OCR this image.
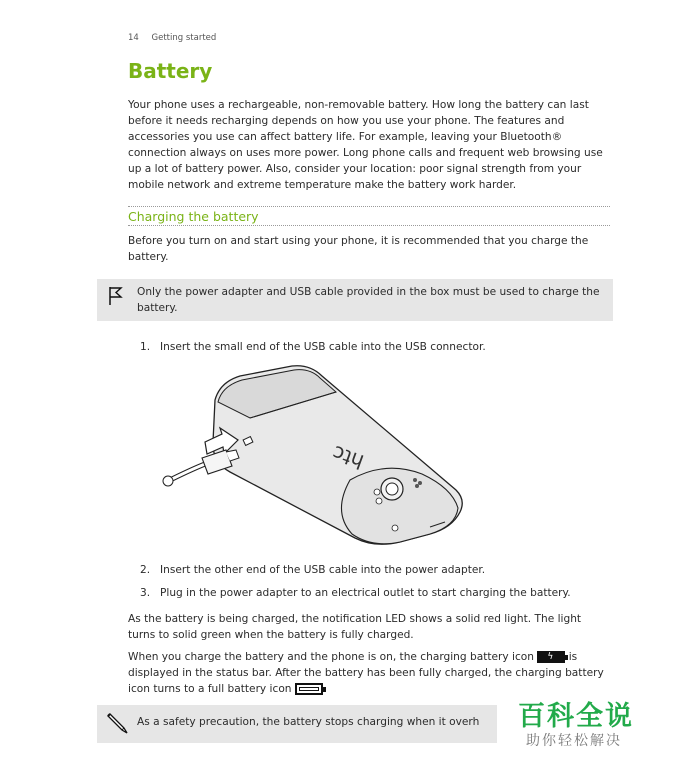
14 Getting started
Battery

Your phone uses a rechargeable, non-removable battery. How long the battery can last before it needs recharging depends on how you use your phone. The features and accessories you use can affect battery life. For example, leaving your Bluetooth® connection always on uses more power. Long phone calls and frequent web browsing use up a lot of battery power. Also, consider your location: poor signal strength from your mobile network and extreme temperature make the battery work harder.

Charging the battery

Before you turn on and start using your phone, it is recommended that you charge the battery.

Only the power adapter and USB cable provided in the box must be used to charge the battery.

1. Insert the small end of the USB cable into the USB connector.
htc
2. Insert the other end of the USB cable into the power adapter.
3. Plug in the power adapter to an electrical outlet to start charging the battery.

As the battery is being charged, the notification LED shows a solid red light. The light turns to solid green when the battery is fully charged.

When you charge the battery and the phone is on, the charging battery icon ϟ is displayed in the status bar. After the battery has been fully charged, the charging battery icon turns to a full battery icon

As a safety precaution, the battery stops charging when it overh 百科全说
助你轻松解决
